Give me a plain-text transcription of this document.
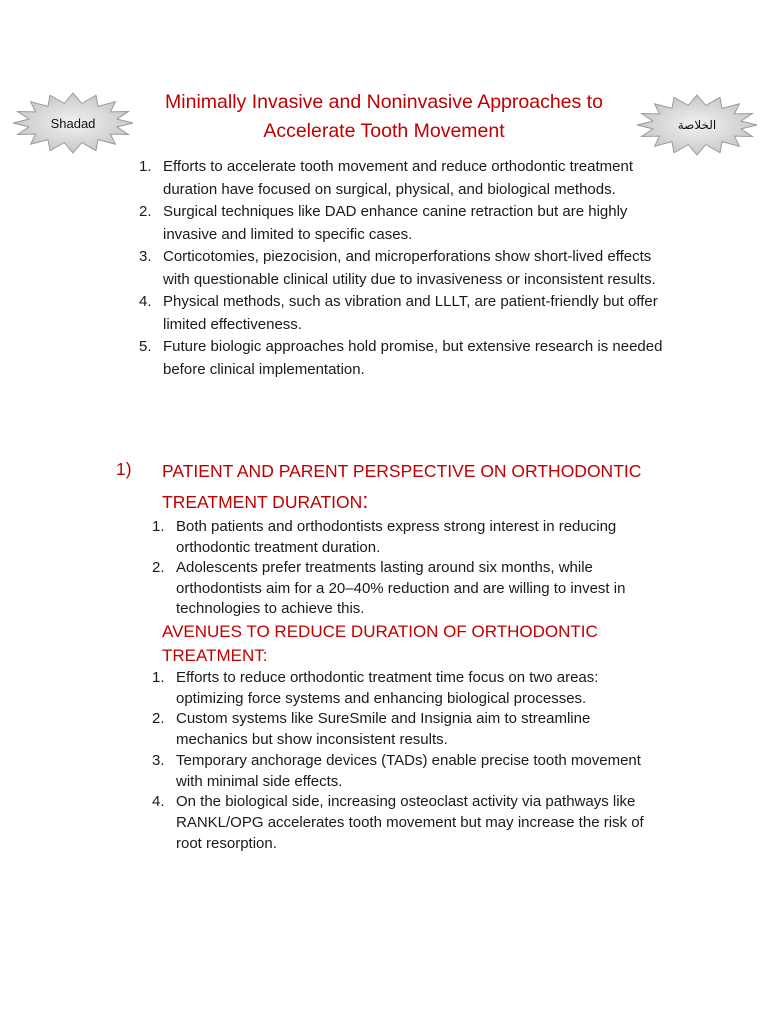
Shadad	الخلاصة
Minimally Invasive and Noninvasive Approaches to
Accelerate Tooth Movement
1. Efforts to accelerate tooth movement and reduce orthodontic treatment duration have focused on surgical, physical, and biological methods.
2. Surgical techniques like DAD enhance canine retraction but are highly invasive and limited to specific cases.
3. Corticotomies, piezocision, and microperforations show short-lived effects with questionable clinical utility due to invasiveness or inconsistent results.
4. Physical methods, such as vibration and LLLT, are patient-friendly but offer limited effectiveness.
5. Future biologic approaches hold promise, but extensive research is needed before clinical implementation.
1) PATIENT AND PARENT PERSPECTIVE ON ORTHODONTIC TREATMENT DURATION:
1. Both patients and orthodontists express strong interest in reducing orthodontic treatment duration.
2. Adolescents prefer treatments lasting around six months, while orthodontists aim for a 20–40% reduction and are willing to invest in technologies to achieve this.
AVENUES TO REDUCE DURATION OF ORTHODONTIC TREATMENT:
1. Efforts to reduce orthodontic treatment time focus on two areas: optimizing force systems and enhancing biological processes.
2. Custom systems like SureSmile and Insignia aim to streamline mechanics but show inconsistent results.
3. Temporary anchorage devices (TADs) enable precise tooth movement with minimal side effects.
4. On the biological side, increasing osteoclast activity via pathways like RANKL/OPG accelerates tooth movement but may increase the risk of root resorption.
